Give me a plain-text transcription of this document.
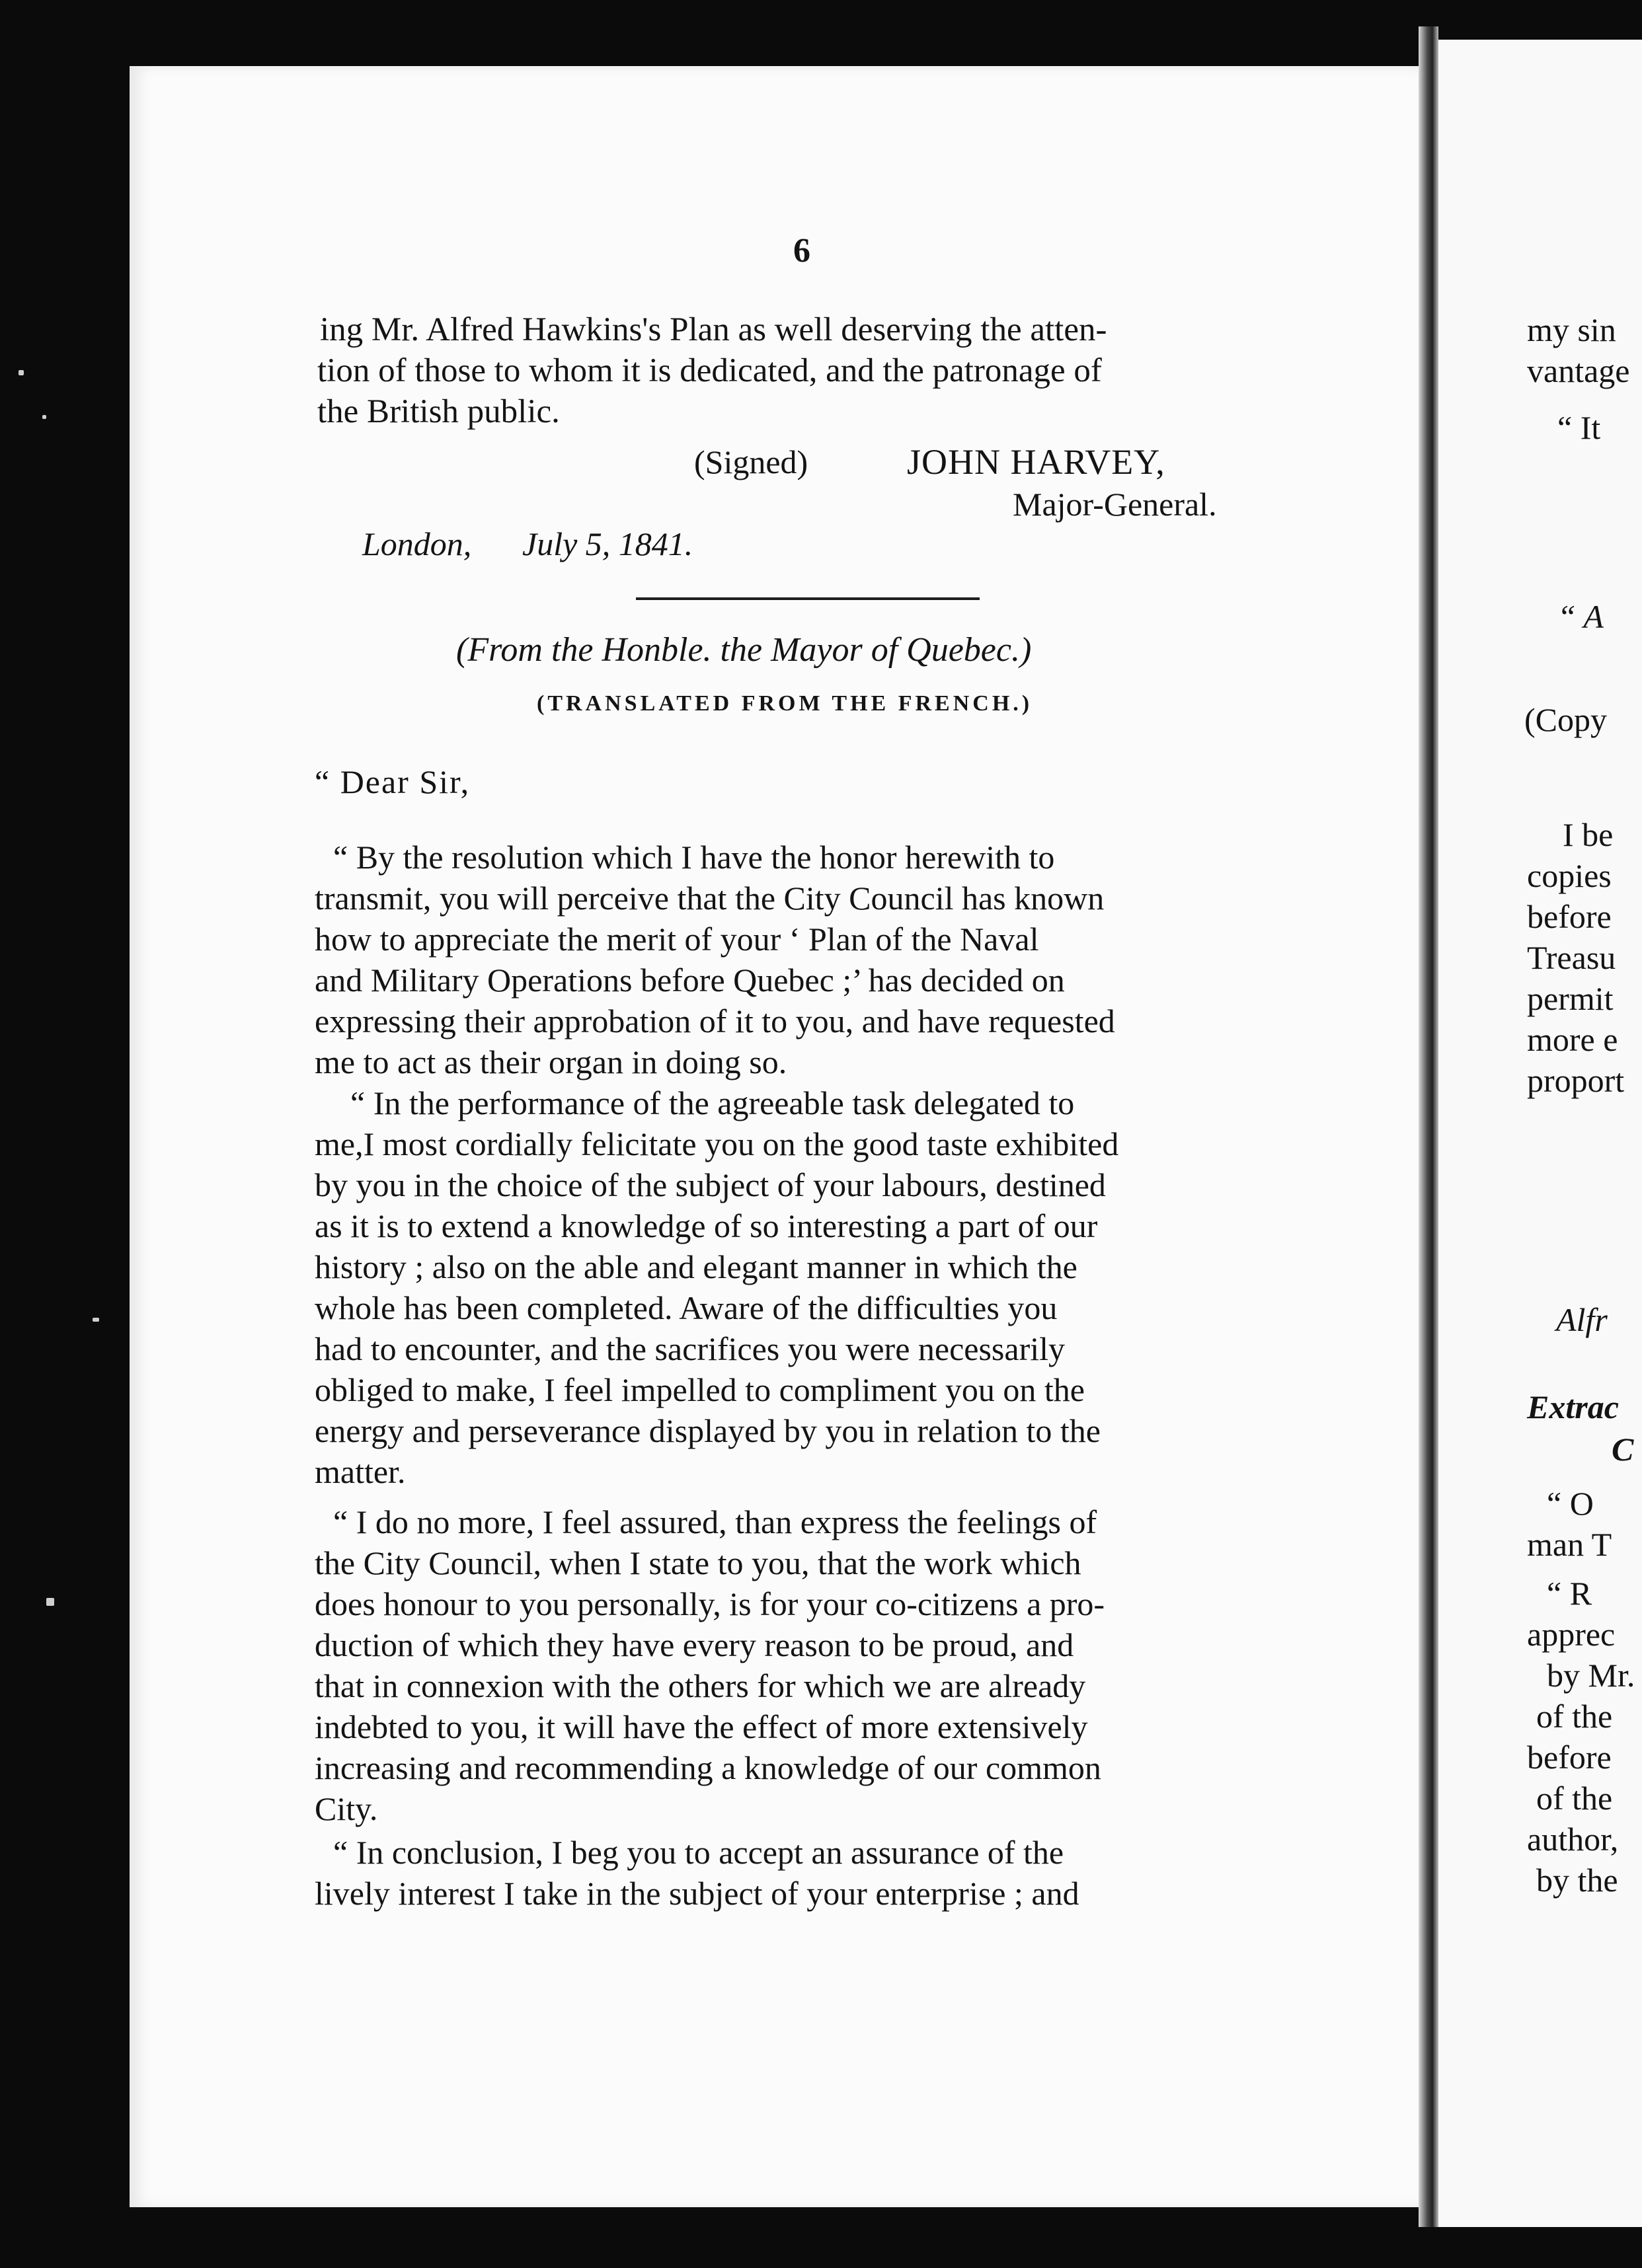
6
ing Mr. Alfred Hawkins's Plan as well deserving the atten-
tion of those to whom it is dedicated, and the patronage of
the British public.
(Signed)	JOHN HARVEY,
Major-General.
London, July 5, 1841.
(From the Honble. the Mayor of Quebec.)
(TRANSLATED FROM THE FRENCH.)
“ Dear Sir,
“ By the resolution which I have the honor herewith to
transmit, you will perceive that the City Council has known
how to appreciate the merit of your ‘ Plan of the Naval
and Military Operations before Quebec ;’ has decided on
expressing their approbation of it to you, and have requested
me to act as their organ in doing so.
“ In the performance of the agreeable task delegated to
me,I most cordially felicitate you on the good taste exhibited
by you in the choice of the subject of your labours, destined
as it is to extend a knowledge of so interesting a part of our
history ; also on the able and elegant manner in which the
whole has been completed. Aware of the difficulties you
had to encounter, and the sacrifices you were necessarily
obliged to make, I feel impelled to compliment you on the
energy and perseverance displayed by you in relation to the
matter.
“ I do no more, I feel assured, than express the feelings of
the City Council, when I state to you, that the work which
does honour to you personally, is for your co-citizens a pro-
duction of which they have every reason to be proud, and
that in connexion with the others for which we are already
indebted to you, it will have the effect of more extensively
increasing and recommending a knowledge of our common
City.
“ In conclusion, I beg you to accept an assurance of the
lively interest I take in the subject of your enterprise ; and
my sin
vantage
“ It
“ A
(Copy
I be
copies
before
Treasu
permit
more e
proport
Alfr
Extrac
C
“ O
man T
“ R
apprec
by Mr.
of the
before
of the
author,
by the
